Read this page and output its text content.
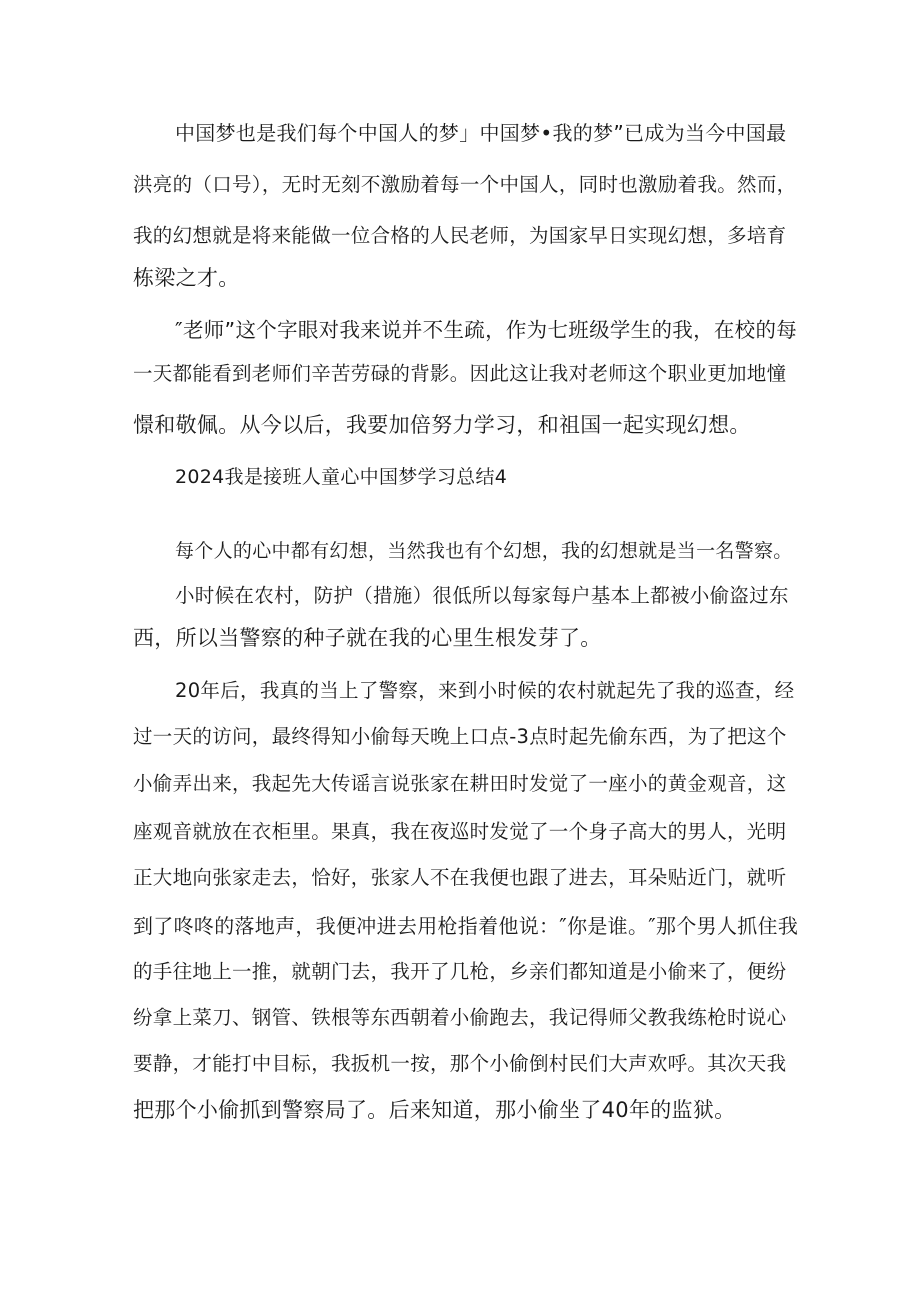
中国梦也是我们每个中国人的梦」中国梦•我的梦”已成为当今中国最
洪亮的（口号），无时无刻不激励着每一个中国人，同时也激励着我。然而，
我的幻想就是将来能做一位合格的人民老师，为国家早日实现幻想，多培育
栋梁之才。
″老师”这个字眼对我来说并不生疏，作为七班级学生的我，在校的每
一天都能看到老师们辛苦劳碌的背影。因此这让我对老师这个职业更加地憧
憬和敬佩。从今以后，我要加倍努力学习，和祖国一起实现幻想。
2024我是接班人童心中国梦学习总结4
每个人的心中都有幻想，当然我也有个幻想，我的幻想就是当一名警察。
小时候在农村，防护（措施）很低所以每家每户基本上都被小偷盗过东
西，所以当警察的种子就在我的心里生根发芽了。
20年后，我真的当上了警察，来到小时候的农村就起先了我的巡查，经
过一天的访问，最终得知小偷每天晚上口点-3点时起先偷东西，为了把这个
小偷弄出来，我起先大传谣言说张家在耕田时发觉了一座小的黄金观音，这
座观音就放在衣柜里。果真，我在夜巡时发觉了一个身子高大的男人，光明
正大地向张家走去，恰好，张家人不在我便也跟了进去，耳朵贴近门，就听
到了咚咚的落地声，我便冲进去用枪指着他说：″你是谁。″那个男人抓住我
的手往地上一推，就朝门去，我开了几枪，乡亲们都知道是小偷来了，便纷
纷拿上菜刀、钢管、铁根等东西朝着小偷跑去，我记得师父教我练枪时说心
要静，才能打中目标，我扳机一按，那个小偷倒村民们大声欢呼。其次天我
把那个小偷抓到警察局了。后来知道，那小偷坐了40年的监狱。
